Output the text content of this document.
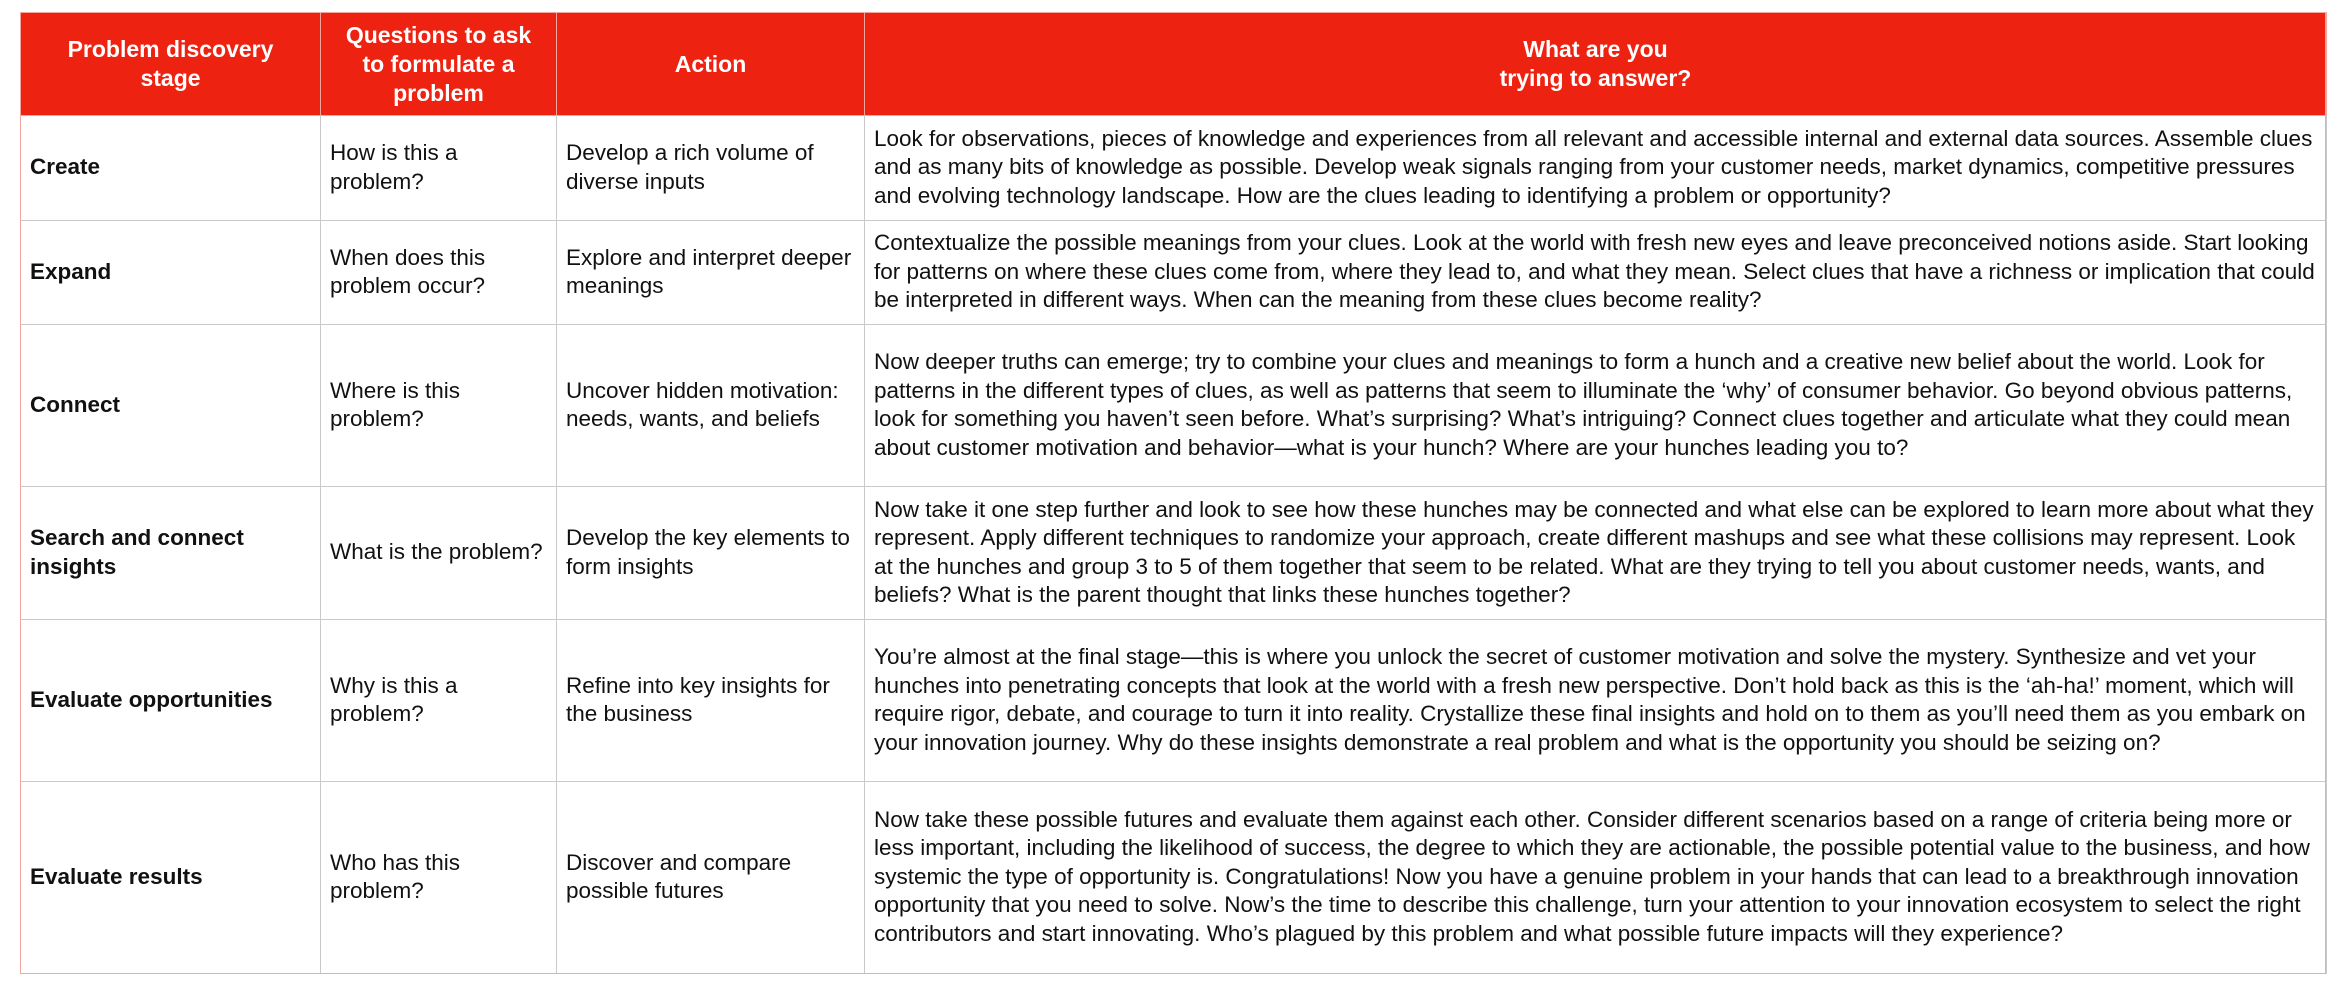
Problem discovery
stage	Questions to ask
to formulate a
problem	Action	What are you
trying to answer?

Create	How is this a problem?	Develop a rich volume of diverse inputs	Look for observations, pieces of knowledge and experiences from all relevant and accessible internal and external data sources. Assemble clues and as many bits of knowledge as possible. Develop weak signals ranging from your customer needs, market dynamics, competitive pressures and evolving technology landscape. How are the clues leading to identifying a problem or opportunity?
Expand	When does this problem occur?	Explore and interpret deeper meanings	Contextualize the possible meanings from your clues. Look at the world with fresh new eyes and leave preconceived notions aside. Start looking for patterns on where these clues come from, where they lead to, and what they mean. Select clues that have a richness or implication that could be interpreted in different ways. When can the meaning from these clues become reality?
Connect	Where is this problem?	Uncover hidden motivation: needs, wants, and beliefs	Now deeper truths can emerge; try to combine your clues and meanings to form a hunch and a creative new belief about the world. Look for patterns in the different types of clues, as well as patterns that seem to illuminate the ‘why’ of consumer behavior. Go beyond obvious patterns, look for something you haven’t seen before. What’s surprising? What’s intriguing? Connect clues together and articulate what they could mean about customer motivation and behavior—what is your hunch? Where are your hunches leading you to?
Search and connect insights	What is the problem?	Develop the key elements to form insights	Now take it one step further and look to see how these hunches may be connected and what else can be explored to learn more about what they represent. Apply different techniques to randomize your approach, create different mashups and see what these collisions may represent. Look at the hunches and group 3 to 5 of them together that seem to be related. What are they trying to tell you about customer needs, wants, and beliefs? What is the parent thought that links these hunches together?
Evaluate opportunities	Why is this a problem?	Refine into key insights for the business	You’re almost at the final stage—this is where you unlock the secret of customer motivation and solve the mystery. Synthesize and vet your hunches into penetrating concepts that look at the world with a fresh new perspective. Don’t hold back as this is the ‘ah-ha!’ moment, which will require rigor, debate, and courage to turn it into reality. Crystallize these final insights and hold on to them as you’ll need them as you embark on your innovation journey. Why do these insights demonstrate a real problem and what is the opportunity you should be seizing on?
Evaluate results	Who has this problem?	Discover and compare possible futures	Now take these possible futures and evaluate them against each other. Consider different scenarios based on a range of criteria being more or less important, including the likelihood of success, the degree to which they are actionable, the possible potential value to the business, and how systemic the type of opportunity is. Congratulations! Now you have a genuine problem in your hands that can lead to a breakthrough innovation opportunity that you need to solve. Now’s the time to describe this challenge, turn your attention to your innovation ecosystem to select the right contributors and start innovating. Who’s plagued by this problem and what possible future impacts will they experience?
